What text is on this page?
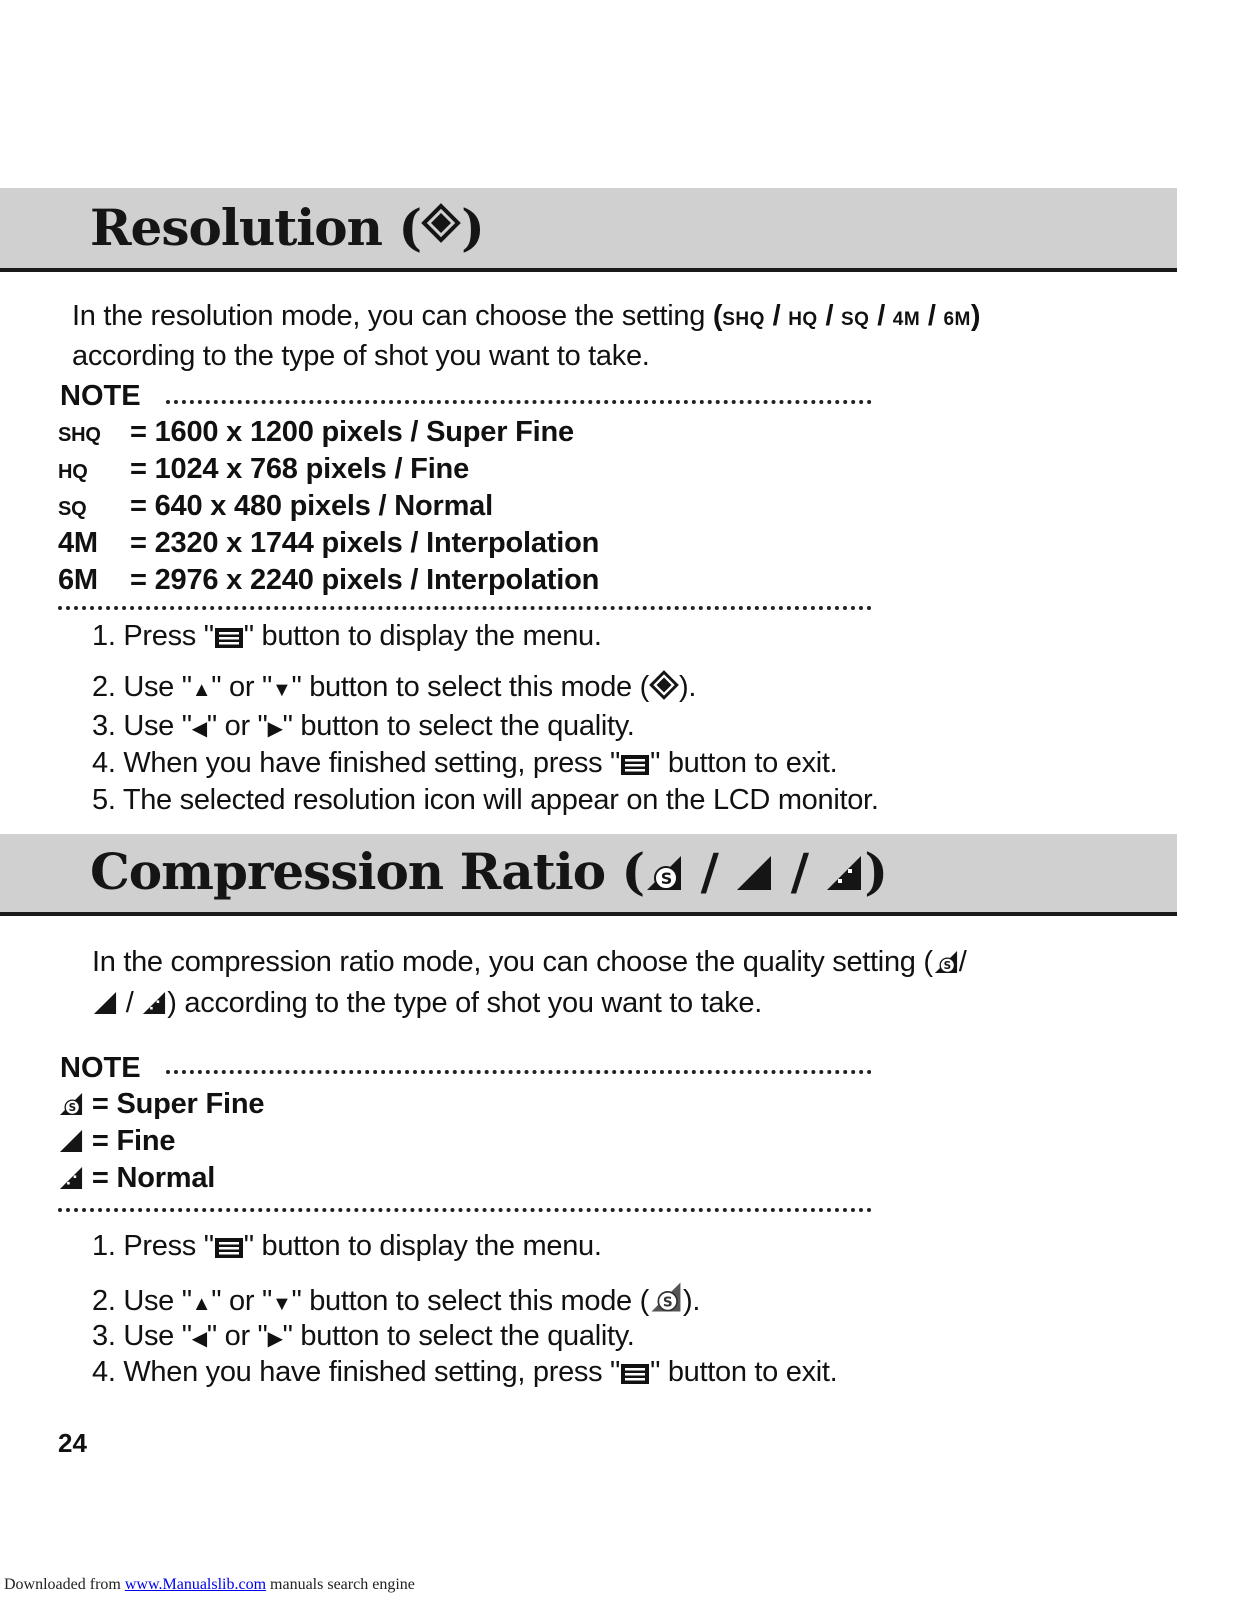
Resolution ( )
In the resolution mode, you can choose the setting (SHQ / HQ / SQ / 4M / 6M)
according to the type of shot you want to take.
NOTE
SHQ = 1600 x 1200 pixels / Super Fine
HQ = 1024 x 768 pixels / Fine
SQ = 640 x 480 pixels / Normal
4M = 2320 x 1744 pixels / Interpolation
6M = 2976 x 2240 pixels / Interpolation
1. Press " " button to display the menu.
2. Use "▲" or "▼" button to select this mode ( ).
3. Use "◀" or "▶" button to select the quality.
4. When you have finished setting, press " " button to exit.
5. The selected resolution icon will appear on the LCD monitor.
Compression Ratio ( S / / )
In the compression ratio mode, you can choose the quality setting ( S /
/ ) according to the type of shot you want to take.
NOTE
S = Super Fine
= Fine
= Normal
1. Press " " button to display the menu.
2. Use "▲" or "▼" button to select this mode ( S ).
3. Use "◀" or "▶" button to select the quality.
4. When you have finished setting, press " " button to exit.
24
Downloaded from www.Manualslib.com manuals search engine
